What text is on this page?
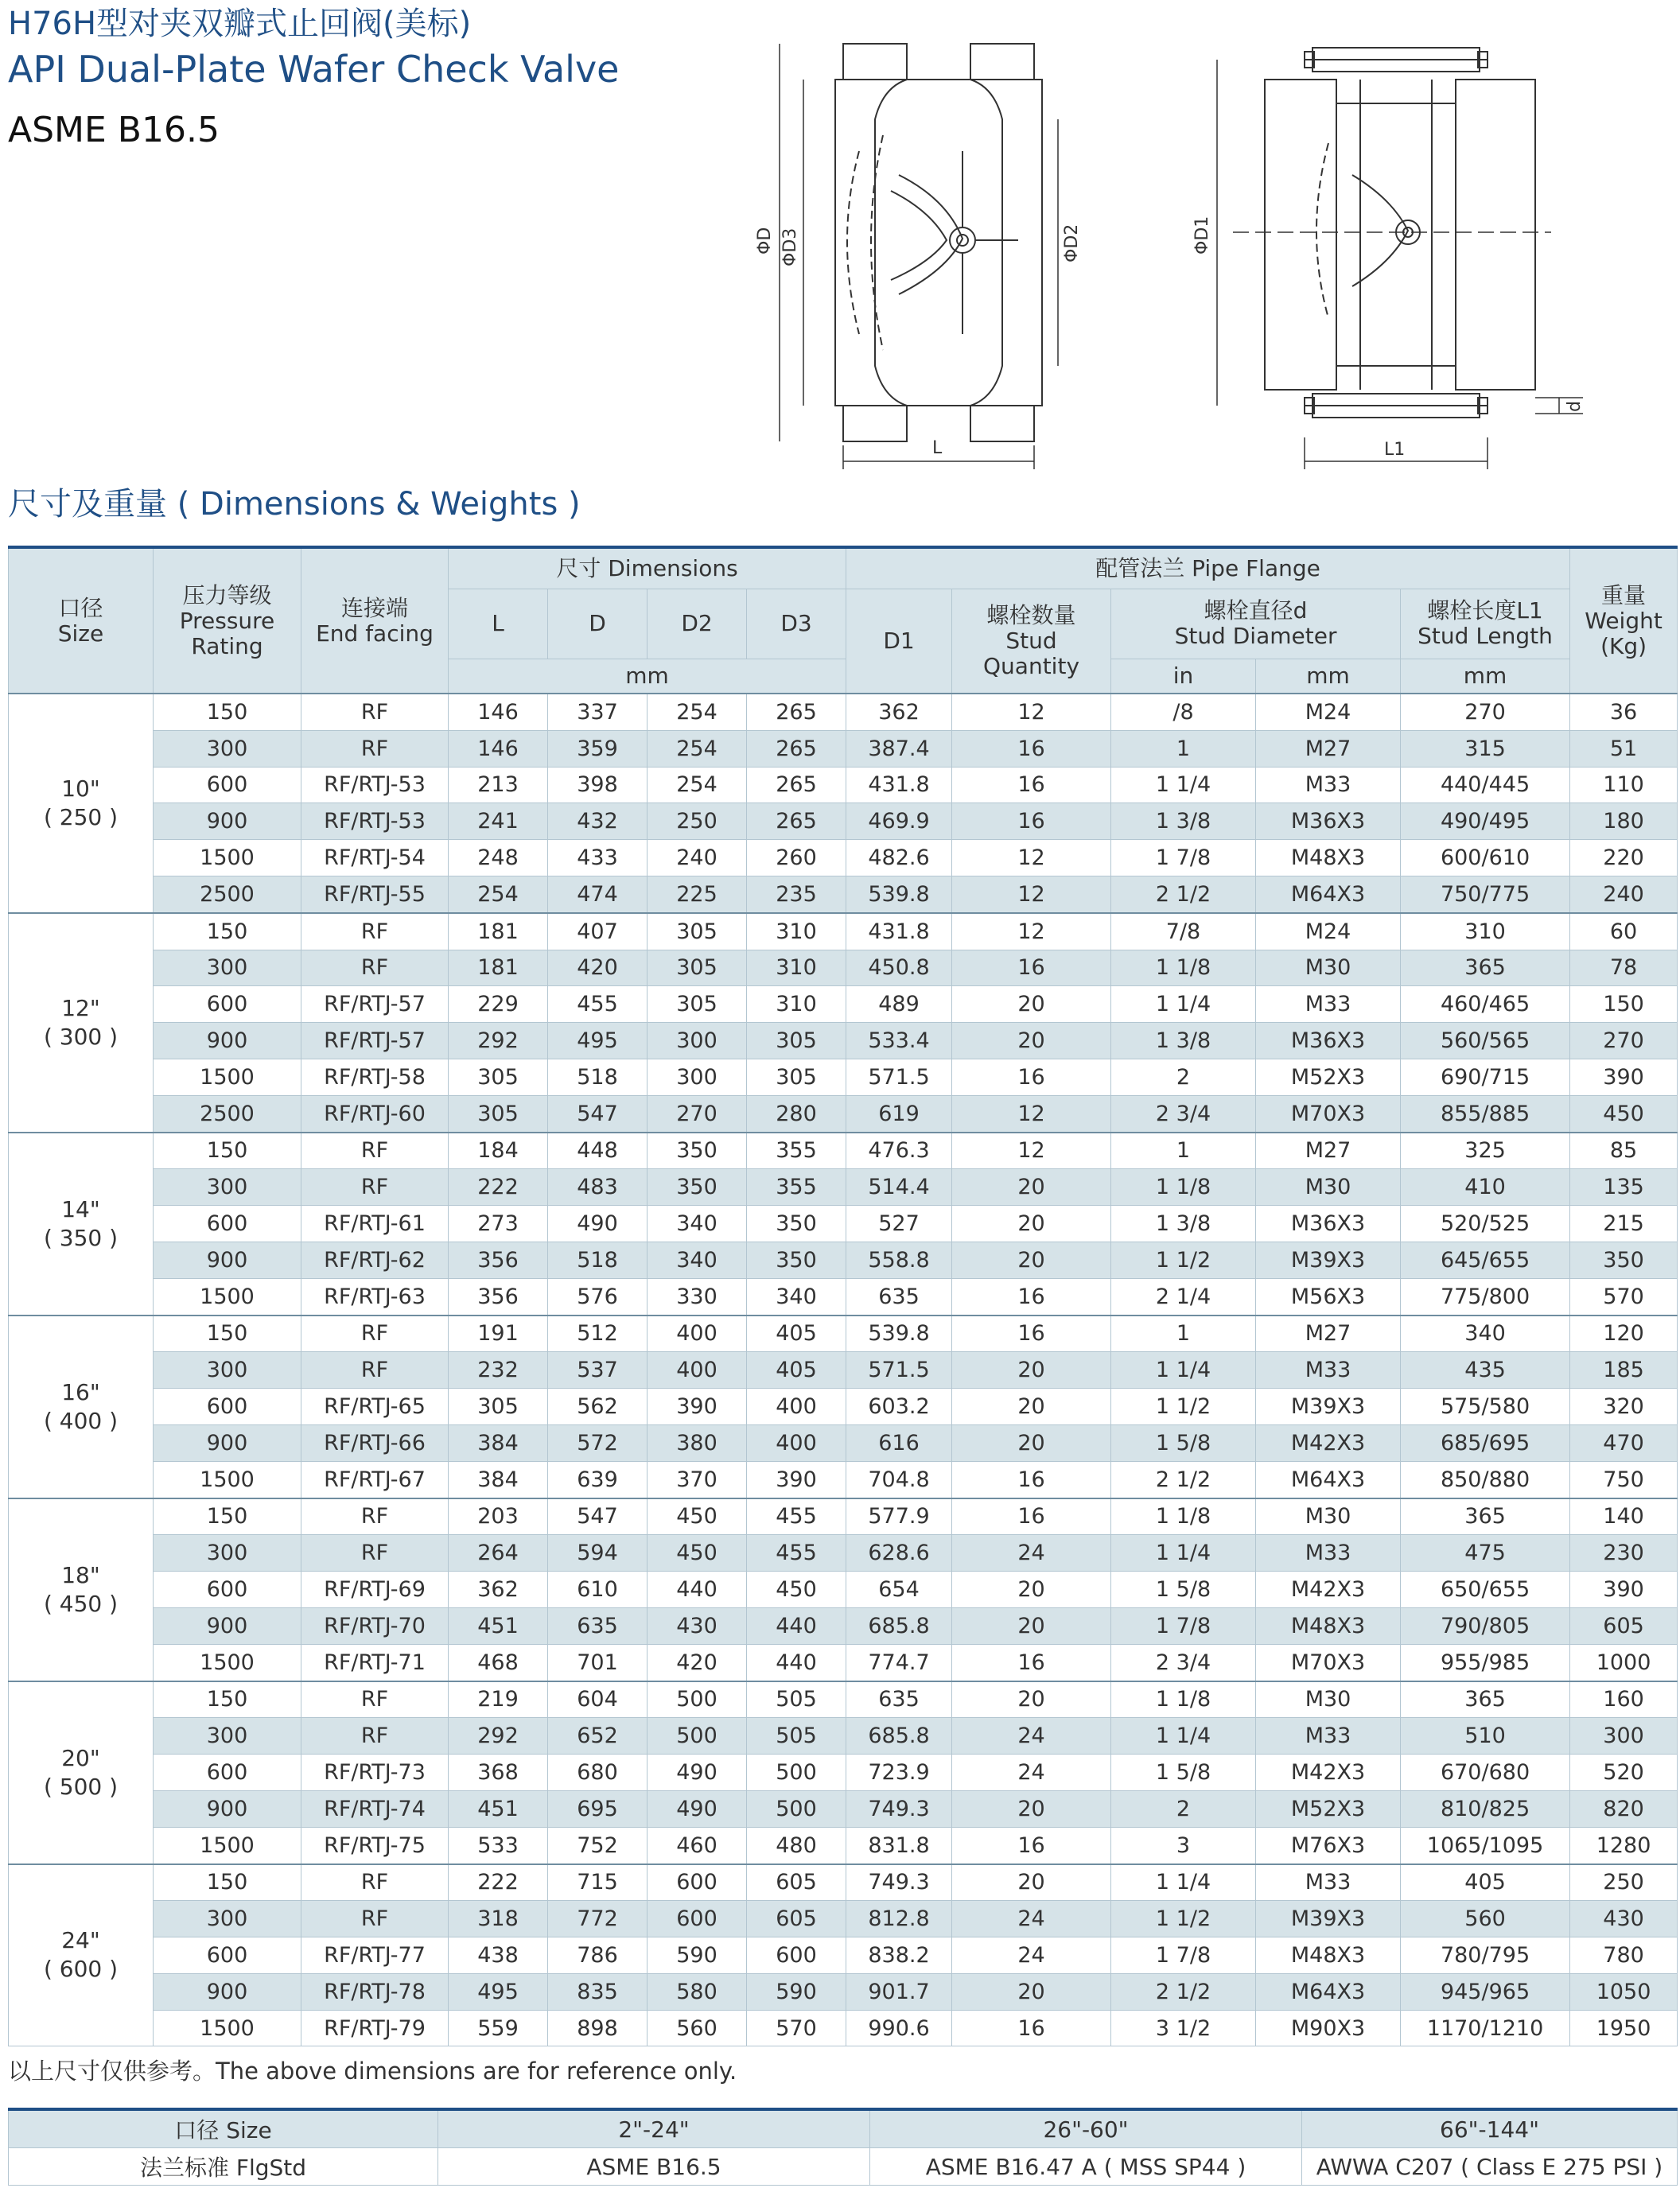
H76H型对夹双瓣式止回阀(美标)
API Dual-Plate Wafer Check Valve
ASME B16.5
ΦD ΦD3	ΦD2
L
ΦD1
L1
d
尺寸及重量 ( Dimensions & Weights )
口径
Size	压力等级
Pressure
Rating	连接端
End facing	尺寸 Dimensions				配管法兰 Pipe Flange					重量
Weight
(Kg)
			L	D	D2	D3	D1	螺栓数量
Stud
Quantity	螺栓直径d
Stud Diameter		螺栓长度L1
Stud Length	
			mm						in	mm	mm	
10"
( 250 )	150	RF	146	337	254	265	362	12	/8	M24	270	36
	300	RF	146	359	254	265	387.4	16	1	M27	315	51
	600	RF/RTJ-53	213	398	254	265	431.8	16	1 1/4	M33	440/445	110
	900	RF/RTJ-53	241	432	250	265	469.9	16	1 3/8	M36X3	490/495	180
	1500	RF/RTJ-54	248	433	240	260	482.6	12	1 7/8	M48X3	600/610	220
	2500	RF/RTJ-55	254	474	225	235	539.8	12	2 1/2	M64X3	750/775	240
12"
( 300 )	150	RF	181	407	305	310	431.8	12	7/8	M24	310	60
	300	RF	181	420	305	310	450.8	16	1 1/8	M30	365	78
	600	RF/RTJ-57	229	455	305	310	489	20	1 1/4	M33	460/465	150
	900	RF/RTJ-57	292	495	300	305	533.4	20	1 3/8	M36X3	560/565	270
	1500	RF/RTJ-58	305	518	300	305	571.5	16	2	M52X3	690/715	390
	2500	RF/RTJ-60	305	547	270	280	619	12	2 3/4	M70X3	855/885	450
14"
( 350 )	150	RF	184	448	350	355	476.3	12	1	M27	325	85
	300	RF	222	483	350	355	514.4	20	1 1/8	M30	410	135
	600	RF/RTJ-61	273	490	340	350	527	20	1 3/8	M36X3	520/525	215
	900	RF/RTJ-62	356	518	340	350	558.8	20	1 1/2	M39X3	645/655	350
	1500	RF/RTJ-63	356	576	330	340	635	16	2 1/4	M56X3	775/800	570
16"
( 400 )	150	RF	191	512	400	405	539.8	16	1	M27	340	120
	300	RF	232	537	400	405	571.5	20	1 1/4	M33	435	185
	600	RF/RTJ-65	305	562	390	400	603.2	20	1 1/2	M39X3	575/580	320
	900	RF/RTJ-66	384	572	380	400	616	20	1 5/8	M42X3	685/695	470
	1500	RF/RTJ-67	384	639	370	390	704.8	16	2 1/2	M64X3	850/880	750
18"
( 450 )	150	RF	203	547	450	455	577.9	16	1 1/8	M30	365	140
	300	RF	264	594	450	455	628.6	24	1 1/4	M33	475	230
	600	RF/RTJ-69	362	610	440	450	654	20	1 5/8	M42X3	650/655	390
	900	RF/RTJ-70	451	635	430	440	685.8	20	1 7/8	M48X3	790/805	605
	1500	RF/RTJ-71	468	701	420	440	774.7	16	2 3/4	M70X3	955/985	1000
20"
( 500 )	150	RF	219	604	500	505	635	20	1 1/8	M30	365	160
	300	RF	292	652	500	505	685.8	24	1 1/4	M33	510	300
	600	RF/RTJ-73	368	680	490	500	723.9	24	1 5/8	M42X3	670/680	520
	900	RF/RTJ-74	451	695	490	500	749.3	20	2	M52X3	810/825	820
	1500	RF/RTJ-75	533	752	460	480	831.8	16	3	M76X3	1065/1095	1280
24"
( 600 )	150	RF	222	715	600	605	749.3	20	1 1/4	M33	405	250
	300	RF	318	772	600	605	812.8	24	1 1/2	M39X3	560	430
	600	RF/RTJ-77	438	786	590	600	838.2	24	1 7/8	M48X3	780/795	780
	900	RF/RTJ-78	495	835	580	590	901.7	20	2 1/2	M64X3	945/965	1050
	1500	RF/RTJ-79	559	898	560	570	990.6	16	3 1/2	M90X3	1170/1210	1950
以上尺寸仅供参考。The above dimensions are for reference only.
口径 Size	2"-24"	26"-60"	66"-144"
法兰标准 FlgStd	ASME B16.5	ASME B16.47 A ( MSS SP44 )	AWWA C207 ( Class E 275 PSI )
